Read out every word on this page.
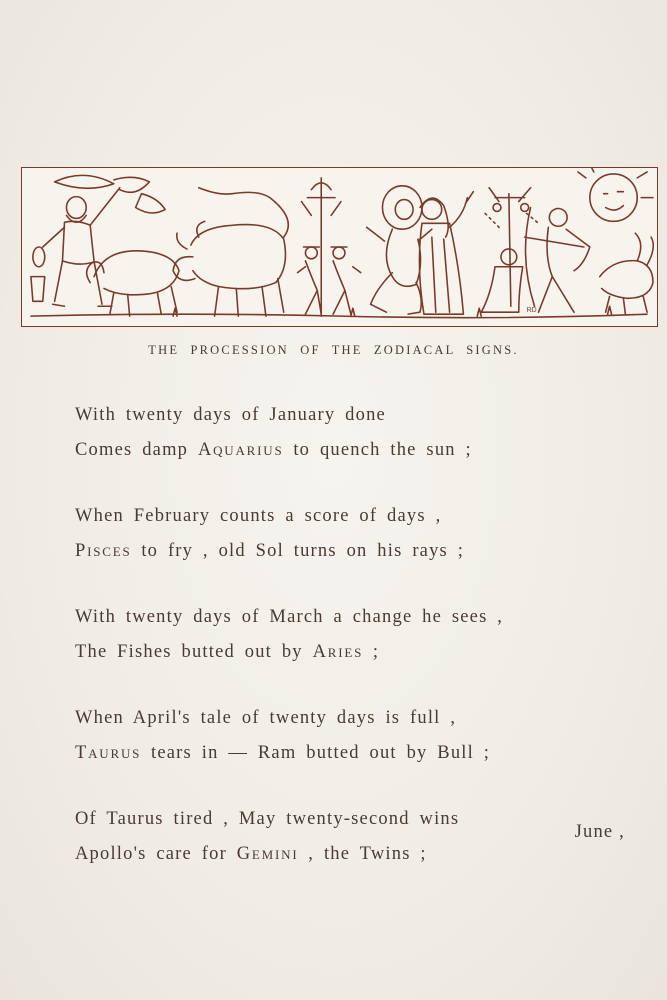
RD
THE PROCESSION OF THE ZODIACAL SIGNS.
With twenty days of January done
Comes damp Aquarius to quench the sun ;
When February counts a score of days ,
Pisces to fry , old Sol turns on his rays ;
With twenty days of March a change he sees ,
The Fishes butted out by Aries ;
When April's tale of twenty days is full ,
Taurus tears in — Ram butted out by Bull ;
Of Taurus tired , May twenty-second wins
Apollo's care for Gemini , the Twins ;
June ,
